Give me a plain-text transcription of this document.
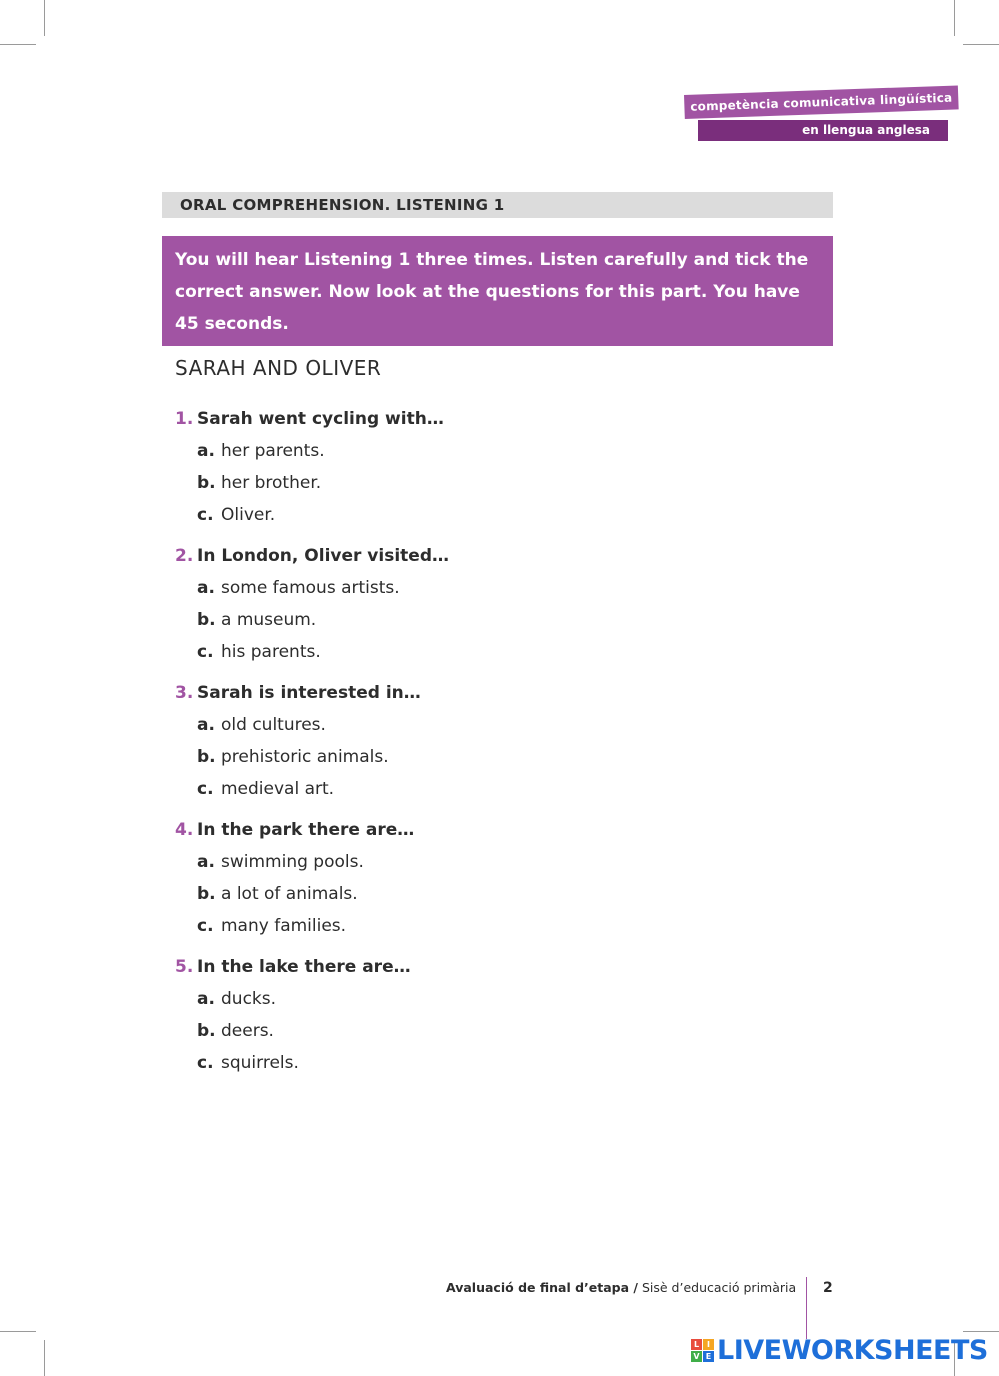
competència comunicativa lingüística
en llengua anglesa
ORAL COMPREHENSION. LISTENING 1
You will hear Listening 1 three times. Listen carefully and tick the correct answer. Now look at the questions for this part. You have 45 seconds.
SARAH AND OLIVER
1. Sarah went cycling with…
a. her parents.
b. her brother.
c. Oliver.
2. In London, Oliver visited…
a. some famous artists.
b. a museum.
c. his parents.
3. Sarah is interested in…
a. old cultures.
b. prehistoric animals.
c. medieval art.
4. In the park there are…
a. swimming pools.
b. a lot of animals.
c. many families.
5. In the lake there are…
a. ducks.
b. deers.
c. squirrels.
Avaluació de final d’etapa / Sisè d’educació primària 2
L I
V E LIVEWORKSHEETS
